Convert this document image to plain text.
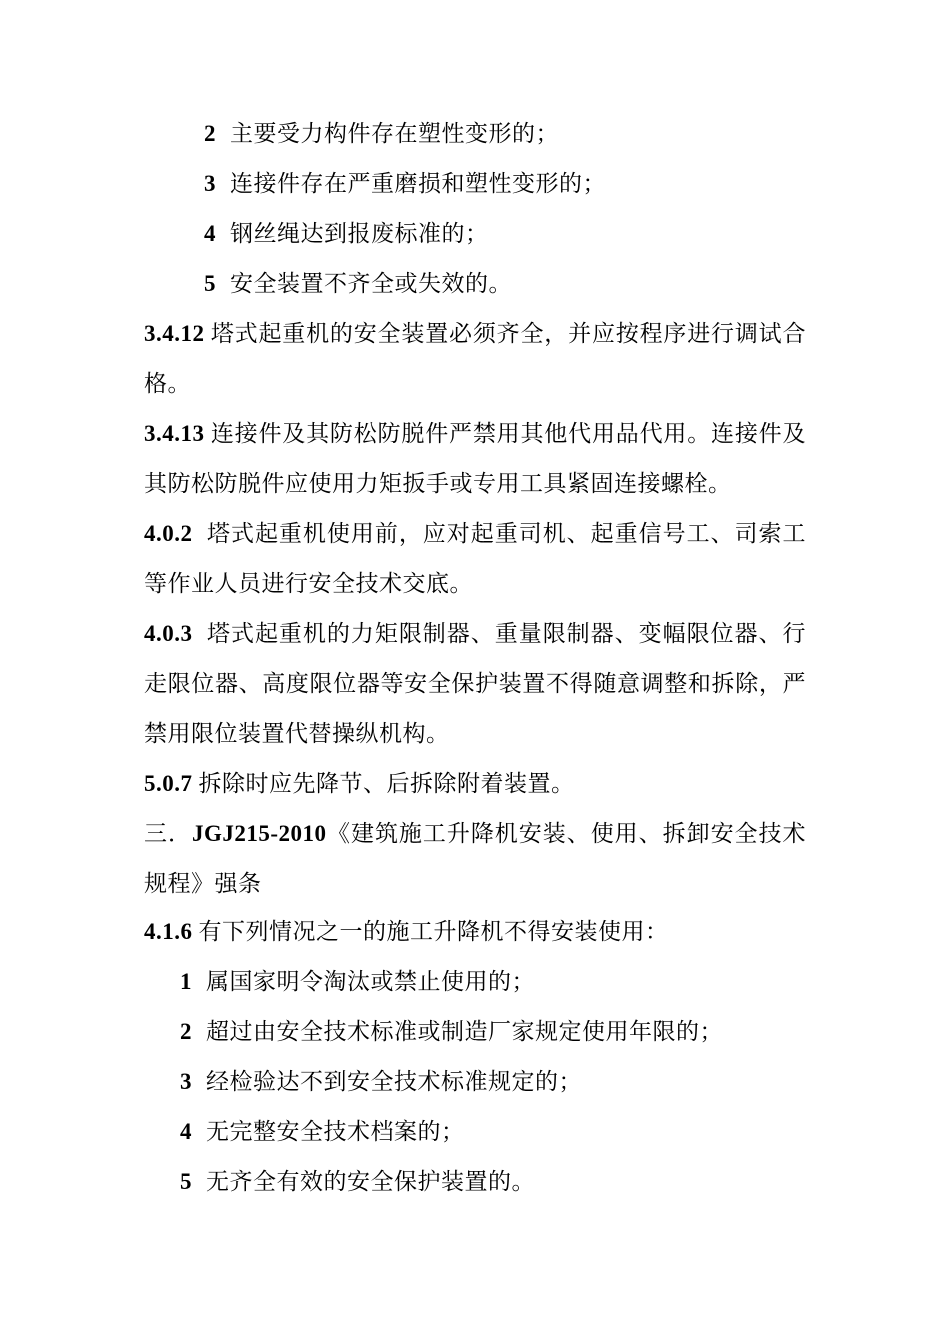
2 主要受力构件存在塑性变形的；
3 连接件存在严重磨损和塑性变形的；
4 钢丝绳达到报废标准的；
5 安全装置不齐全或失效的。
3.4.12 塔式起重机的安全装置必须齐全，并应按程序进行调试合
格。
3.4.13 连接件及其防松防脱件严禁用其他代用品代用。连接件及
其防松防脱件应使用力矩扳手或专用工具紧固连接螺栓。
4.0.2 塔式起重机使用前，应对起重司机、起重信号工、司索工
等作业人员进行安全技术交底。
4.0.3 塔式起重机的力矩限制器、重量限制器、变幅限位器、行
走限位器、高度限位器等安全保护装置不得随意调整和拆除，严
禁用限位装置代替操纵机构。
5.0.7 拆除时应先降节、后拆除附着装置。
三．JGJ215-2010《建筑施工升降机安装、使用、拆卸安全技术
规程》强条
4.1.6 有下列情况之一的施工升降机不得安装使用：
1 属国家明令淘汰或禁止使用的；
2 超过由安全技术标准或制造厂家规定使用年限的；
3 经检验达不到安全技术标准规定的；
4 无完整安全技术档案的；
5 无齐全有效的安全保护装置的。
